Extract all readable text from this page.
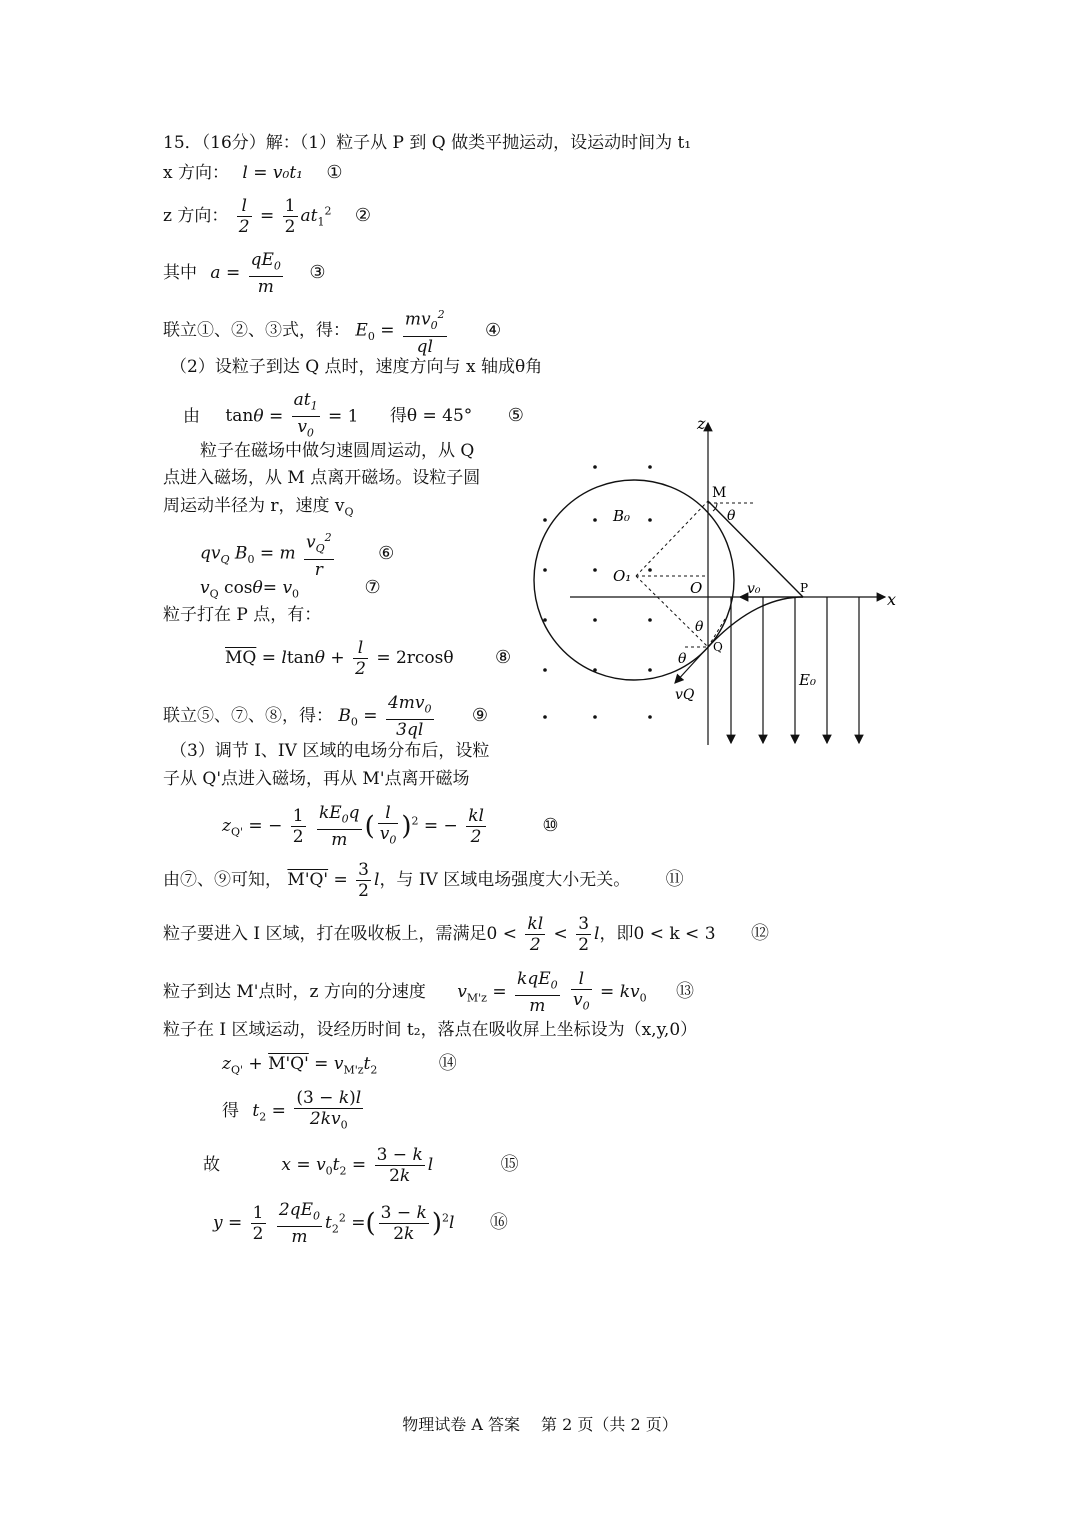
15．（16分）解：（1）粒子从 P 到 Q 做类平抛运动，设运动时间为 t₁
x 方向： l = v₀t₁ ①
z 方向： $\frac{l}{2} = \frac{1}{2} at_1^2$ ②
其中 $a = \frac{qE_0}{m}$ ③
联立①、②、③式，得： $E_0 = \frac{mv_0^2}{ql}$ ④
（2）设粒子到达 Q 点时，速度方向与 x 轴成θ角
由 $\tan\theta = \frac{at_1}{v_0} = 1$ 得θ = 45° ⑤
粒子在磁场中做匀速圆周运动，从 Q
点进入磁场，从 M 点离开磁场。设粒子圆
周运动半径为 r，速度 $v_Q$
$qv_Q$ $B_0 = m \frac{v_Q^2}{r}$ ⑥
$v_Q$ $\cos\theta= v_0$	⑦
粒子打在 P 点，有：
$\overline{MQ} = ltan\theta + \frac{l}{2} = 2rcos\theta$ ⑧
联立⑤、⑦、⑧，得： $B_0 = \frac{4mv_0}{3ql}$ ⑨
（3）调节 I、IV 区域的电场分布后，设粒
子从 Q'点进入磁场，再从 M'点离开磁场
$z_{Q'}$ = − $\frac{1}{2}$
$\frac{kE_0q}{m}$ ( $\frac{l}{v_0} )^2$ = − $\frac{kl}{2}$	⑩
由⑦、⑨可知， $M'Q' = \frac{3}{2}$ l，与 IV 区域电场强度大小无关。 ⑪
粒子要进入 I 区域，打在吸收板上，需满足$0 < \frac{kl}{2} < \frac{3}{2}$ l，即0 < k < 3 ⑫
粒子到达 M'点时，z 方向的分速度 $v_{M'z} = \frac{kqE_0}{m}$
$\frac{l}{v_0} = kv_0$ ⑬
粒子在 I 区域运动，设经历时间 t₂，落点在吸收屏上坐标设为（x,y,0）
$z_{Q'} + M'Q' = v_{M'z}t_2$	⑭
得 $t_2 = \frac{(3 - k)l}{2kv_0}$
故	$x = v_0t_2 = \frac{3 - k}{2k}$ l	⑮
$y = \frac{1}{2}$
$\frac{2qE_0}{m} t_2^2$ =( $\frac{3 - k}{2k} )^2l$ ⑯
z
x
O
O₁
B₀
E₀
M
P
Q
v₀
vQ
θ
θ
θ
物理试卷 A 答案　 第 2 页（共 2 页）
